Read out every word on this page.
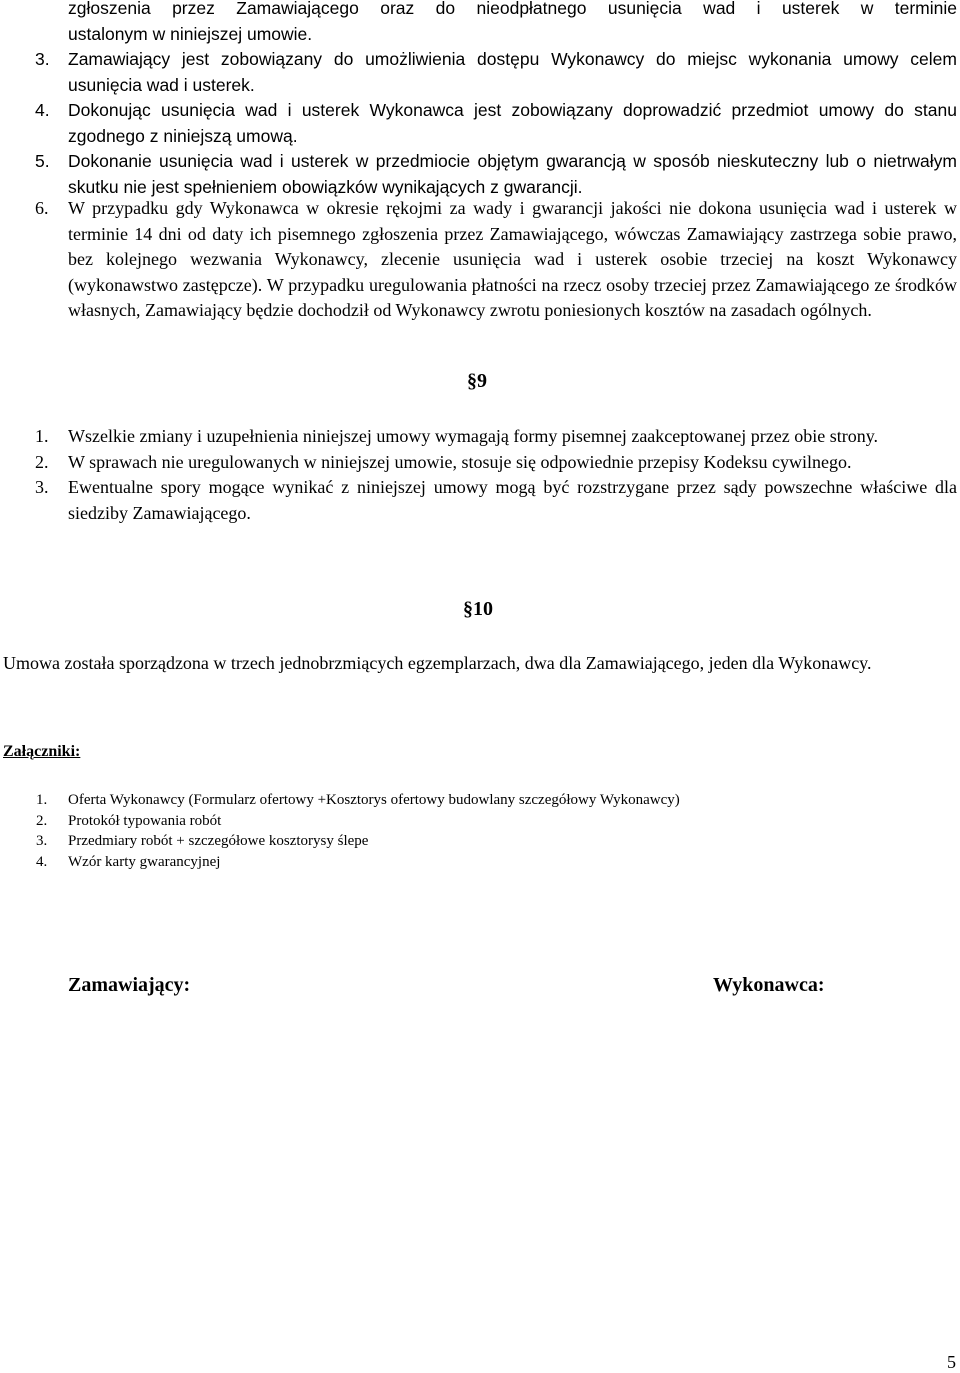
zgłoszenia przez Zamawiającego oraz do nieodpłatnego usunięcia wad i usterek w terminie
ustalonym w niniejszej umowie.
3. Zamawiający jest zobowiązany do umożliwienia dostępu Wykonawcy do miejsc wykonania umowy celem usunięcia wad i usterek.
4. Dokonując usunięcia wad i usterek Wykonawca jest zobowiązany doprowadzić przedmiot umowy do stanu zgodnego z niniejszą umową.
5. Dokonanie usunięcia wad i usterek w przedmiocie objętym gwarancją w sposób nieskuteczny lub o nietrwałym skutku nie jest spełnieniem obowiązków wynikających z gwarancji.
6. W przypadku gdy Wykonawca w okresie rękojmi za wady i gwarancji jakości nie dokona usunięcia wad i usterek w terminie 14 dni od daty ich pisemnego zgłoszenia przez Zamawiającego, wówczas Zamawiający zastrzega sobie prawo, bez kolejnego wezwania Wykonawcy, zlecenie usunięcia wad i usterek osobie trzeciej na koszt Wykonawcy (wykonawstwo zastępcze). W przypadku uregulowania płatności na rzecz osoby trzeciej przez Zamawiającego ze środków własnych, Zamawiający będzie dochodził od Wykonawcy zwrotu poniesionych kosztów na zasadach ogólnych.
§9
1. Wszelkie zmiany i uzupełnienia niniejszej umowy wymagają formy pisemnej zaakceptowanej przez obie strony.
2. W sprawach nie uregulowanych w niniejszej umowie, stosuje się odpowiednie przepisy Kodeksu cywilnego.
3. Ewentualne spory mogące wynikać z niniejszej umowy mogą być rozstrzygane przez sądy powszechne właściwe dla siedziby Zamawiającego.
§10
Umowa została sporządzona w trzech jednobrzmiących egzemplarzach, dwa dla Zamawiającego, jeden dla Wykonawcy.
Załączniki:
1. Oferta Wykonawcy (Formularz ofertowy +Kosztorys ofertowy budowlany szczegółowy Wykonawcy)
2. Protokół typowania robót
3. Przedmiary robót + szczegółowe kosztorysy ślepe
4. Wzór karty gwarancyjnej
Zamawiający:	Wykonawca:
5
